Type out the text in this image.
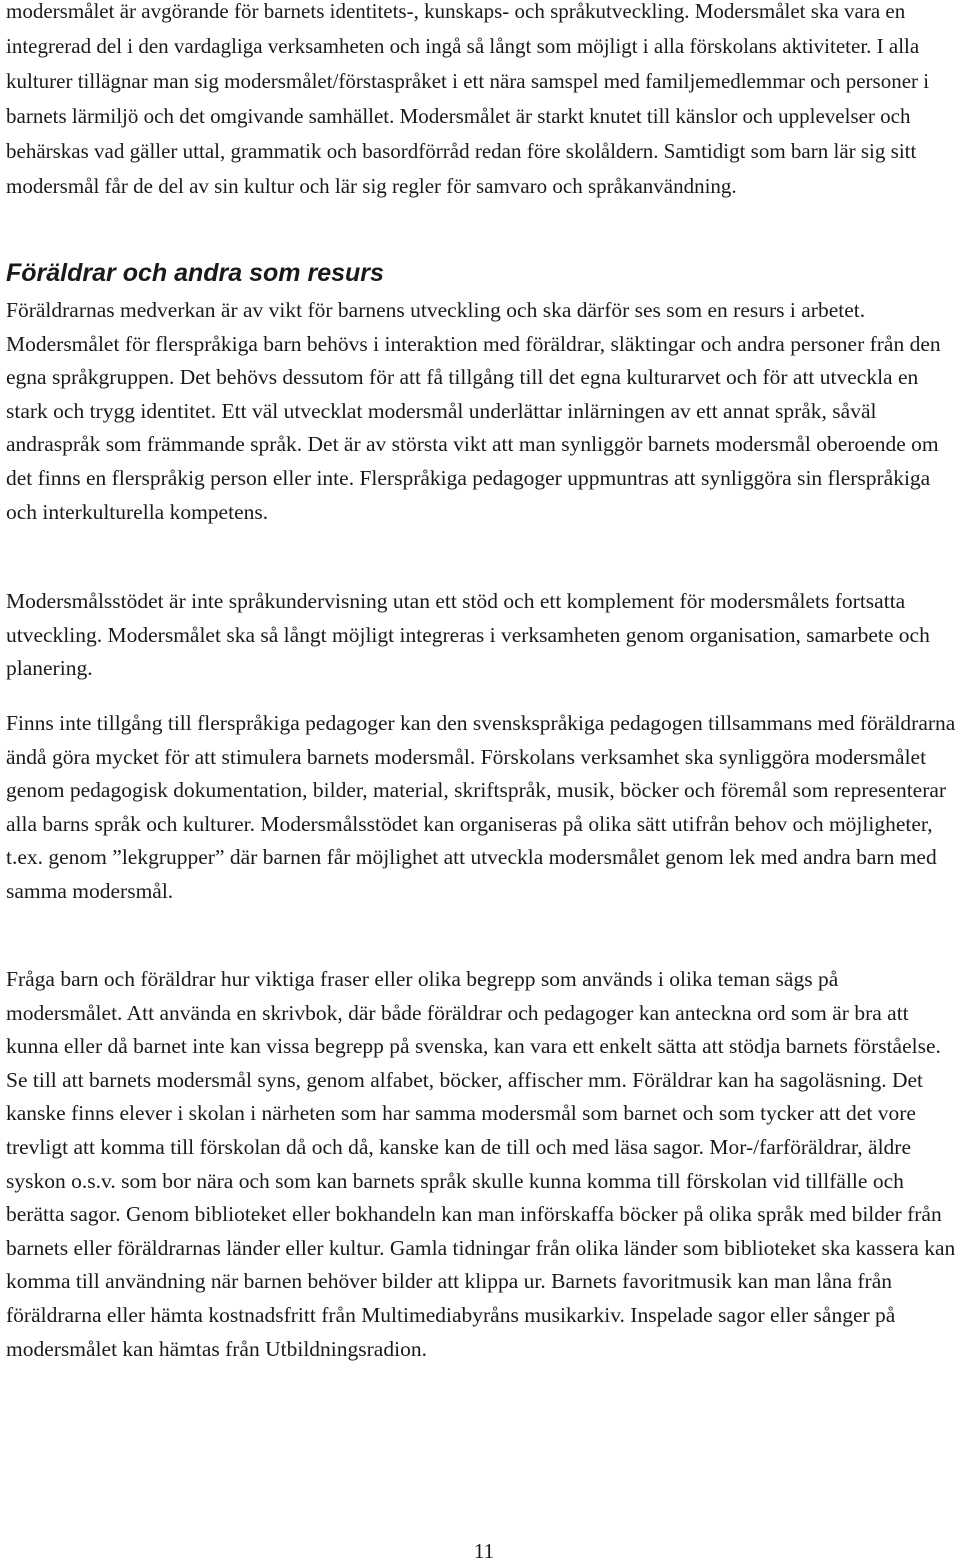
modersmålet är avgörande för barnets identitets-, kunskaps- och språkutveckling. Modersmålet ska vara en integrerad del i den vardagliga verksamheten och ingå så långt som möjligt i alla förskolans aktiviteter. I alla kulturer tillägnar man sig modersmålet/förstaspråket i ett nära samspel med familjemedlemmar och personer i barnets lärmiljö och det omgivande samhället. Modersmålet är starkt knutet till känslor och upplevelser och behärskas vad gäller uttal, grammatik och basordförråd redan före skolåldern. Samtidigt som barn lär sig sitt modersmål får de del av sin kultur och lär sig regler för samvaro och språkanvändning.

Föräldrar och andra som resurs

Föräldrarnas medverkan är av vikt för barnens utveckling och ska därför ses som en resurs i arbetet. Modersmålet för flerspråkiga barn behövs i interaktion med föräldrar, släktingar och andra personer från den egna språkgruppen. Det behövs dessutom för att få tillgång till det egna kulturarvet och för att utveckla en stark och trygg identitet. Ett väl utvecklat modersmål underlättar inlärningen av ett annat språk, såväl andraspråk som främmande språk. Det är av största vikt att man synliggör barnets modersmål oberoende om det finns en flerspråkig person eller inte. Flerspråkiga pedagoger uppmuntras att synliggöra sin flerspråkiga och interkulturella kompetens.

Modersmålsstödet är inte språkundervisning utan ett stöd och ett komplement för modersmålets fortsatta utveckling. Modersmålet ska så långt möjligt integreras i verksamheten genom organisation, samarbete och planering.

Finns inte tillgång till flerspråkiga pedagoger kan den svenskspråkiga pedagogen tillsammans med föräldrarna ändå göra mycket för att stimulera barnets modersmål. Förskolans verksamhet ska synliggöra modersmålet genom pedagogisk dokumentation, bilder, material, skriftspråk, musik, böcker och föremål som representerar alla barns språk och kulturer. Modersmålsstödet kan organiseras på olika sätt utifrån behov och möjligheter, t.ex. genom ”lekgrupper” där barnen får möjlighet att utveckla modersmålet genom lek med andra barn med samma modersmål.

Fråga barn och föräldrar hur viktiga fraser eller olika begrepp som används i olika teman sägs på modersmålet. Att använda en skrivbok, där både föräldrar och pedagoger kan anteckna ord som är bra att kunna eller då barnet inte kan vissa begrepp på svenska, kan vara ett enkelt sätta att stödja barnets förståelse. Se till att barnets modersmål syns, genom alfabet, böcker, affischer mm. Föräldrar kan ha sagoläsning. Det kanske finns elever i skolan i närheten som har samma modersmål som barnet och som tycker att det vore trevligt att komma till förskolan då och då, kanske kan de till och med läsa sagor. Mor-/farföräldrar, äldre syskon o.s.v. som bor nära och som kan barnets språk skulle kunna komma till förskolan vid tillfälle och berätta sagor. Genom biblioteket eller bokhandeln kan man införskaffa böcker på olika språk med bilder från barnets eller föräldrarnas länder eller kultur. Gamla tidningar från olika länder som biblioteket ska kassera kan komma till användning när barnen behöver bilder att klippa ur. Barnets favoritmusik kan man låna från föräldrarna eller hämta kostnadsfritt från Multimediabyråns musikarkiv. Inspelade sagor eller sånger på modersmålet kan hämtas från Utbildningsradion.

11
